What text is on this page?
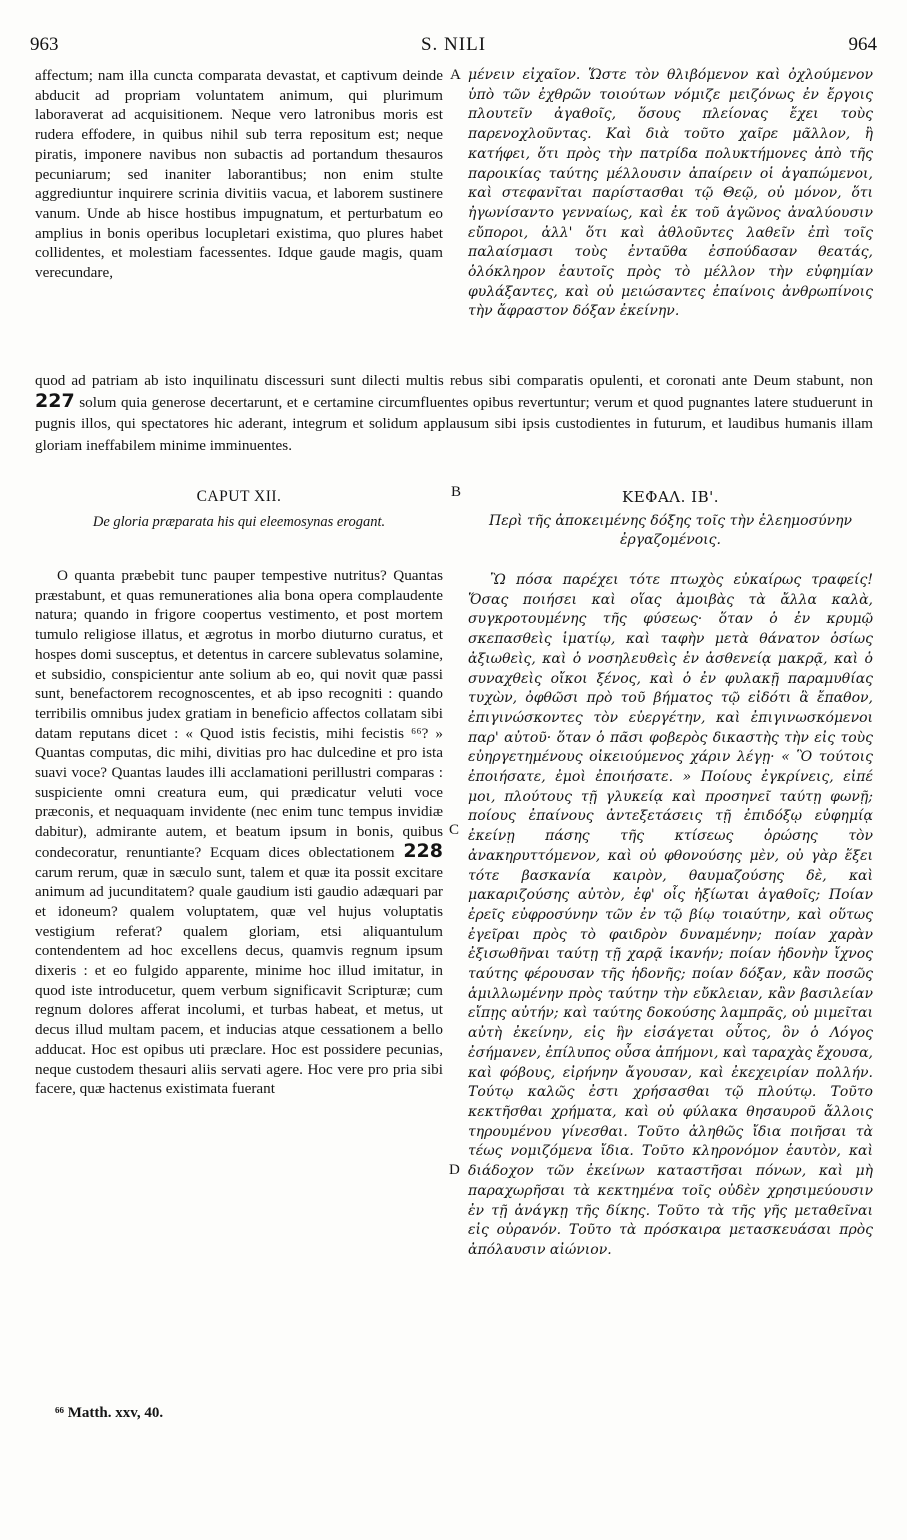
963	S. NILI	964

affectum; nam illa cuncta comparata devastat, et captivum deinde abducit ad propriam voluntatem animum, qui plurimum laboraverat ad acquisitionem. Neque vero latronibus moris est rudera effodere, in quibus nihil sub terra repositum est; neque piratis, imponere navibus non subactis ad portandum thesauros pecuniarum; sed inaniter laborantibus; non enim stulte aggrediuntur inquirere scrinia divitiis vacua, et laborem sustinere vanum. Unde ab hisce hostibus impugnatum, et perturbatum eo amplius in bonis operibus locupletari existima, quo plures habet collidentes, et molestiam facessentes. Idque gaude magis, quam verecundare,

A μένειν εἰχαῖον. Ὥστε τὸν θλιβόμενον καὶ ὀχλούμενον ὑπὸ τῶν ἐχθρῶν τοιούτων νόμιζε μειζόνως ἐν ἔργοις πλουτεῖν ἀγαθοῖς, ὅσους πλείονας ἔχει τοὺς παρενοχλοῦντας. Καὶ διὰ τοῦτο χαῖρε μᾶλλον, ἢ κατήφει, ὅτι πρὸς τὴν πατρίδα πολυκτήμονες ἀπὸ τῆς παροικίας ταύτης μέλλουσιν ἀπαίρειν οἱ ἀγαπώμενοι, καὶ στεφανῖται παρίστασθαι τῷ Θεῷ, οὐ μόνον, ὅτι ἠγωνίσαντο γενναίως, καὶ ἐκ τοῦ ἀγῶνος ἀναλύουσιν εὔποροι, ἀλλ' ὅτι καὶ ἀθλοῦντες λαθεῖν ἐπὶ τοῖς παλαίσμασι τοὺς ἐνταῦθα ἐσπούδασαν θεατάς, ὁλόκληρον ἑαυτοῖς πρὸς τὸ μέλλον τὴν εὐφημίαν φυλάξαντες, καὶ οὐ μειώσαντες ἐπαίνοις ἀνθρωπίνοις τὴν ἄφραστον δόξαν ἐκείνην.

quod ad patriam ab isto inquilinatu discessuri sunt dilecti multis rebus sibi comparatis opulenti, et coronati ante Deum stabunt, non 227 solum quia generose decertarunt, et e certamine circumfluentes opibus revertuntur; verum et quod pugnantes latere studuerunt in pugnis illos, qui spectatores hic aderant, integrum et solidum applausum sibi ipsis custodientes in futurum, et laudibus humanis illam gloriam ineffabilem minime imminuentes.

B
CAPUT XII.
De gloria præparata his qui eleemosynas erogant.
ΚΕΦΑΛ. ΙΒ'.
Περὶ τῆς ἀποκειμένης δόξης τοῖς τὴν ἐλεημοσύνην ἐργαζομένοις.

O quanta præbebit tunc pauper tempestive nutritus? Quantas præstabunt, et quas remunerationes alia bona opera complaudente natura; quando in frigore coopertus vestimento, et post mortem tumulo religiose illatus, et ægrotus in morbo diuturno curatus, et hospes domi susceptus, et detentus in carcere sublevatus solamine, et subsidio, conspicientur ante solium ab eo, qui novit quæ passi sunt, benefactorem recognoscentes, et ab ipso recogniti : quando terribilis omnibus judex gratiam in beneficio affectos collatam sibi datam reputans dicet : « Quod istis fecistis, mihi fecistis ⁶⁶? » Quantas computas, dic mihi, divitias pro hac dulcedine et pro ista suavi voce? Quantas laudes illi acclamationi perillustri comparas : suspiciente omni creatura eum, qui prædicatur veluti voce præconis, et nequaquam invidente (nec enim tunc tempus invidiæ dabitur), admirante autem, et beatum ipsum in bonis, quibus condecoratur, renuntiante? Ecquam dices oblectationem 228 carum rerum, quæ in sæculo sunt, talem et quæ ita possit excitare animum ad jucunditatem? quale gaudium isti gaudio adæquari par et idoneum? qualem voluptatem, quæ vel hujus voluptatis vestigium referat? qualem gloriam, etsi aliquantulum contendentem ad hoc excellens decus, quamvis regnum ipsum dixeris : et eo fulgido apparente, minime hoc illud imitatur, in quod iste introducetur, quem verbum significavit Scripturæ; cum regnum dolores afferat incolumi, et turbas habeat, et metus, ut decus illud multam pacem, et inducias atque cessationem a bello adducat. Hoc est opibus uti præclare. Hoc est possidere pecunias, neque custodem thesauri aliis servati agere. Hoc vere pro pria sibi facere, quæ hactenus existimata fuerant

C
D

Ὢ πόσα παρέχει τότε πτωχὸς εὐκαίρως τραφείς! Ὅσας ποιήσει καὶ οἵας ἀμοιβὰς τὰ ἄλλα καλὰ, συγκροτουμένης τῆς φύσεως· ὅταν ὁ ἐν κρυμῷ σκεπασθεὶς ἱματίῳ, καὶ ταφὴν μετὰ θάνατον ὁσίως ἀξιωθεὶς, καὶ ὁ νοσηλευθεὶς ἐν ἀσθενείᾳ μακρᾷ, καὶ ὁ συναχθεὶς οἴκοι ξένος, καὶ ὁ ἐν φυλακῇ παραμυθίας τυχὼν, ὀφθῶσι πρὸ τοῦ βήματος τῷ εἰδότι ἃ ἔπαθον, ἐπιγινώσκοντες τὸν εὐεργέτην, καὶ ἐπιγινωσκόμενοι παρ' αὐτοῦ· ὅταν ὁ πᾶσι φοβερὸς δικαστὴς τὴν εἰς τοὺς εὐηργετημένους οἰκειούμενος χάριν λέγῃ· « Ὃ τούτοις ἐποιήσατε, ἐμοὶ ἐποιήσατε. » Ποίους ἐγκρίνεις, εἰπέ μοι, πλούτους τῇ γλυκείᾳ καὶ προσηνεῖ ταύτῃ φωνῇ; ποίους ἐπαίνους ἀντεξετάσεις τῇ ἐπιδόξῳ εὐφημίᾳ ἐκείνῃ πάσης τῆς κτίσεως ὁρώσης τὸν ἀνακηρυττόμενον, καὶ οὐ φθονούσης μὲν, οὐ γὰρ ἕξει τότε βασκανία καιρὸν, θαυμαζούσης δὲ, καὶ μακαριζούσης αὐτὸν, ἐφ' οἷς ἠξίωται ἀγαθοῖς; Ποίαν ἐρεῖς εὐφροσύνην τῶν ἐν τῷ βίῳ τοιαύτην, καὶ οὕτως ἐγεῖραι πρὸς τὸ φαιδρὸν δυναμένην; ποίαν χαρὰν ἐξισωθῆναι ταύτῃ τῇ χαρᾷ ἱκανήν; ποίαν ἡδονὴν ἴχνος ταύτης φέρουσαν τῆς ἡδονῆς; ποίαν δόξαν, κἂν ποσῶς ἁμιλλωμένην πρὸς ταύτην τὴν εὔκλειαν, κἂν βασιλείαν εἴπῃς αὐτήν; καὶ ταύτης δοκούσης λαμπρᾶς, οὐ μιμεῖται αὐτὴ ἐκείνην, εἰς ἣν εἰσάγεται οὗτος, ὃν ὁ Λόγος ἐσήμανεν, ἐπίλυπος οὖσα ἀπήμονι, καὶ ταραχὰς ἔχουσα, καὶ φόβους, εἰρήνην ἄγουσαν, καὶ ἐκεχειρίαν πολλήν. Τούτῳ καλῶς ἐστι χρήσασθαι τῷ πλούτῳ. Τοῦτο κεκτῆσθαι χρήματα, καὶ οὐ φύλακα θησαυροῦ ἄλλοις τηρουμένου γίνεσθαι. Τοῦτο ἀληθῶς ἴδια ποιῆσαι τὰ τέως νομιζόμενα ἴδια. Τοῦτο κληρονόμον ἑαυτὸν, καὶ διάδοχον τῶν ἐκείνων καταστῆσαι πόνων, καὶ μὴ παραχωρῆσαι τὰ κεκτημένα τοῖς οὐδὲν χρησιμεύουσιν ἐν τῇ ἀνάγκῃ τῆς δίκης. Τοῦτο τὰ τῆς γῆς μεταθεῖναι εἰς οὐρανόν. Τοῦτο τὰ πρόσκαιρα μετασκευάσαι πρὸς ἀπόλαυσιν αἰώνιον.

⁶⁶ Matth. xxv, 40.
